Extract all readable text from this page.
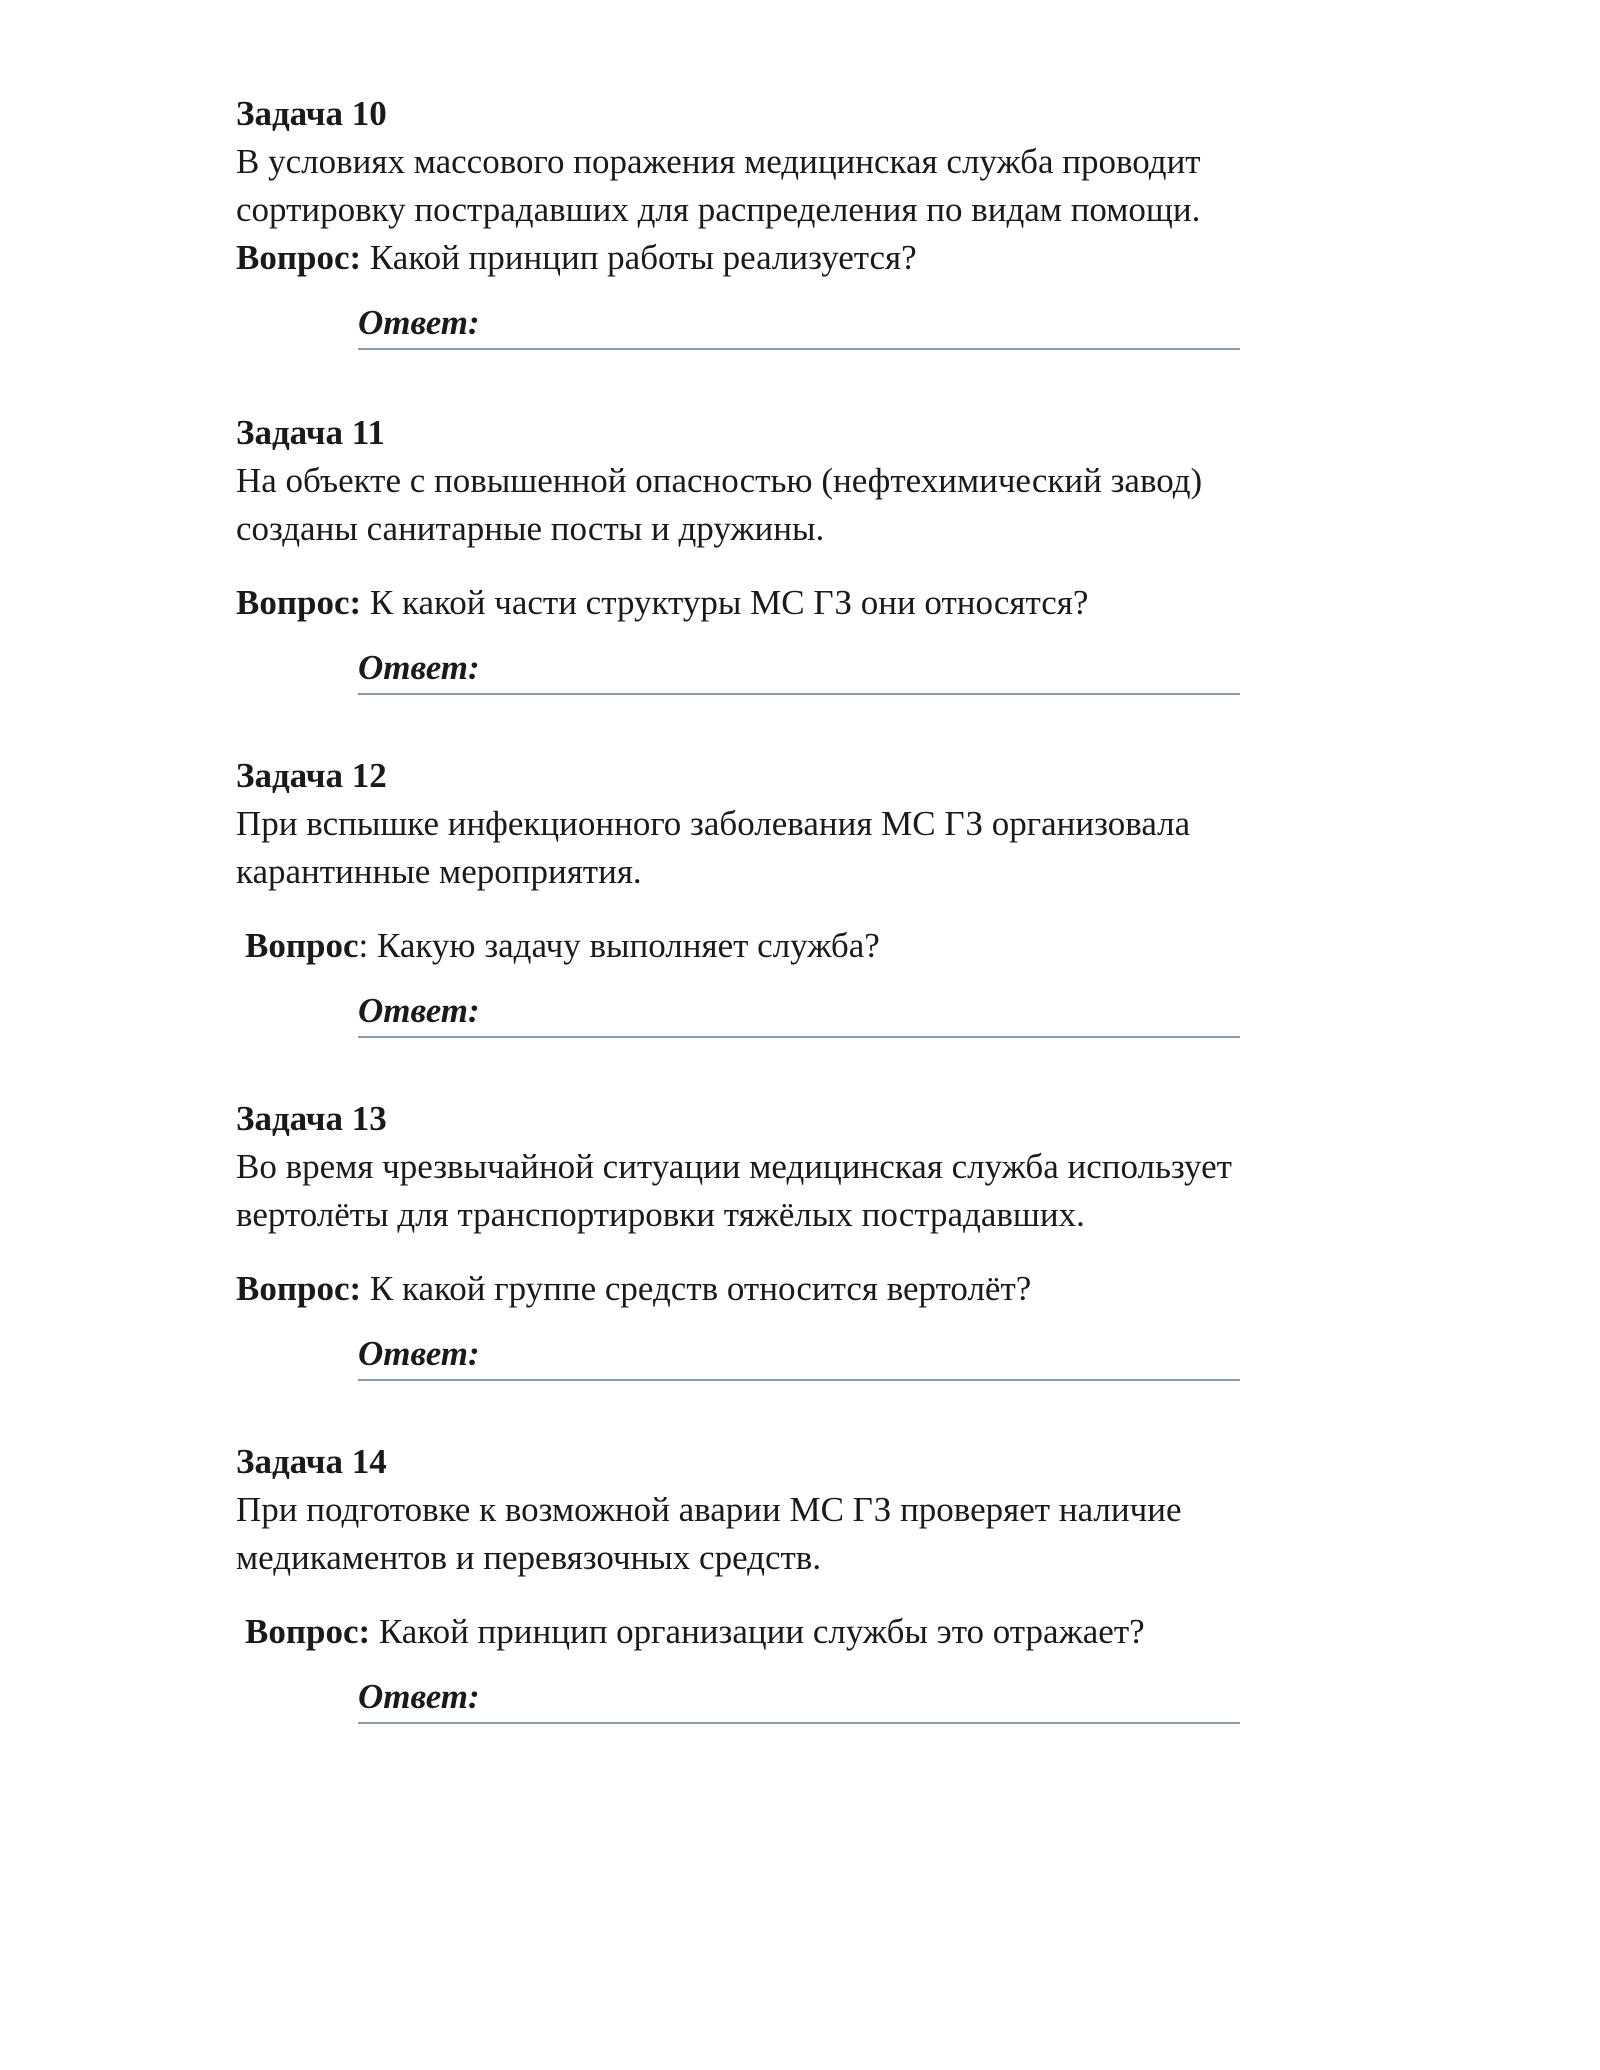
Задача 10

В условиях массового поражения медицинская служба проводит

сортировку пострадавших для распределения по видам помощи.

Вопрос: Какой принцип работы реализуется?

Ответ:

Задача 11

На объекте с повышенной опасностью (нефтехимический завод)

созданы санитарные посты и дружины.

Вопрос: К какой части структуры МС ГЗ они относятся?

Ответ:

Задача 12

При вспышке инфекционного заболевания МС ГЗ организовала

карантинные мероприятия.

Вопрос: Какую задачу выполняет служба?

Ответ:

Задача 13

Во время чрезвычайной ситуации медицинская служба использует

вертолёты для транспортировки тяжёлых пострадавших.

Вопрос: К какой группе средств относится вертолёт?

Ответ:

Задача 14

При подготовке к возможной аварии МС ГЗ проверяет наличие

медикаментов и перевязочных средств.

Вопрос: Какой принцип организации службы это отражает?

Ответ:
